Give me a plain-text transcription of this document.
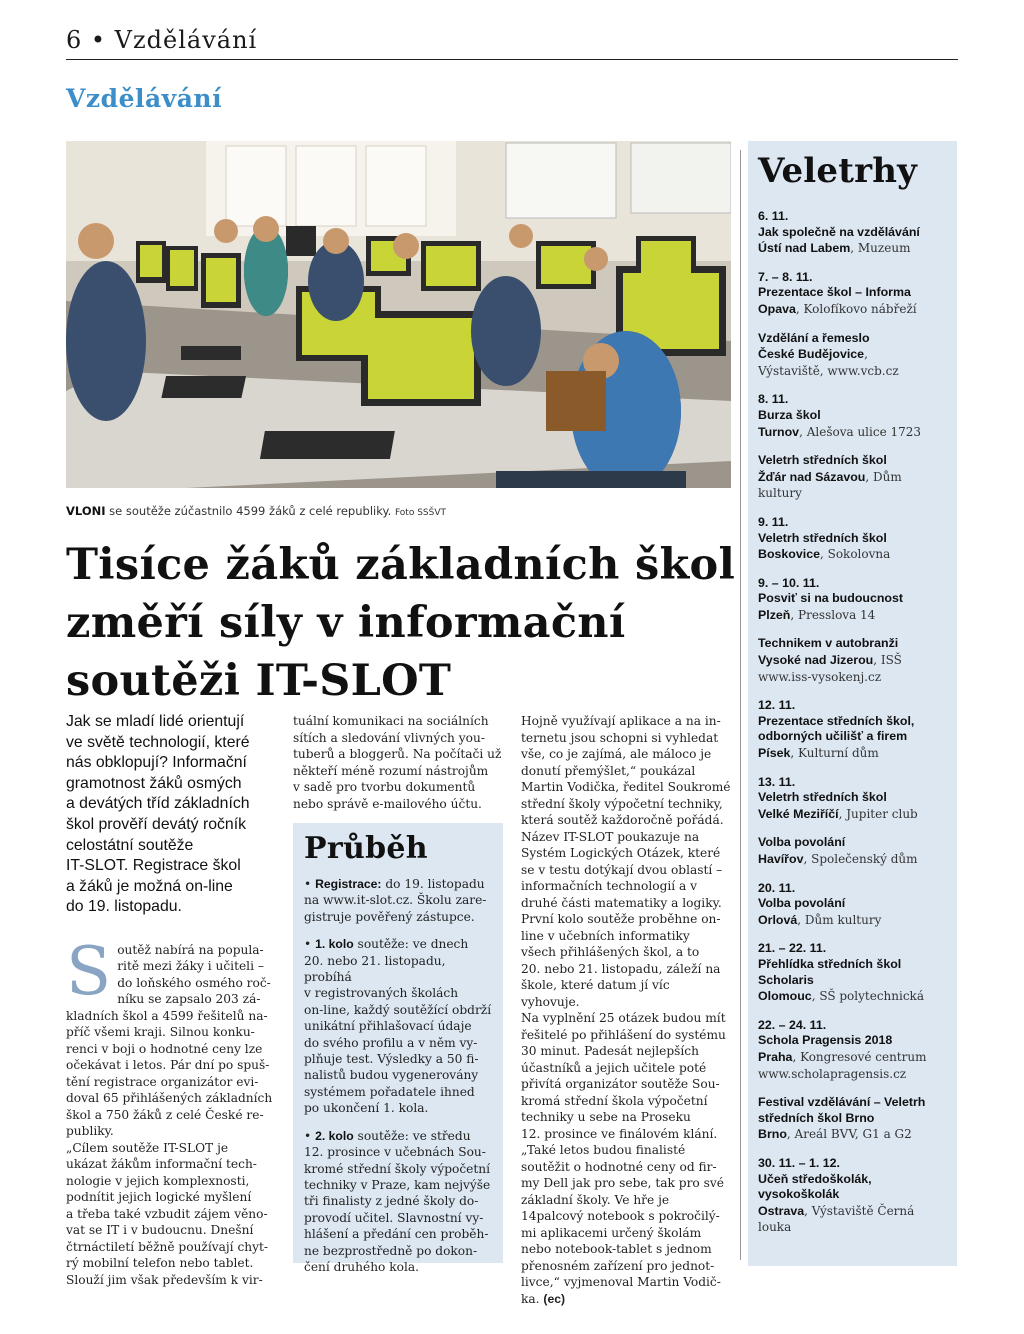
6 • Vzdělávání
Vzdělávání
VLONI se soutěže zúčastnilo 4599 žáků z celé republiky. Foto SSŠVT
Tisíce žáků základních škol změří síly v informační soutěži IT-SLOT
Jak se mladí lidé orientují
ve světě technologií, které
nás obklopují? Informační
gramotnost žáků osmých
a devátých tříd základních
škol prověří devátý ročník
celostátní soutěže
IT-SLOT. Registrace škol
a žáků je možná on-line
do 19. listopadu.
S outěž nabírá na popula-
ritě mezi žáky i učiteli –
do loňského osmého roč-
níku se zapsalo 203 zá-
kladních škol a 4599 řešitelů na-
příč všemi kraji. Silnou konku-
renci v boji o hodnotné ceny lze
očekávat i letos. Pár dní po spuš-
tění registrace organizátor evi-
doval 65 přihlášených základních
škol a 750 žáků z celé České re-
publiky.
„Cílem soutěže IT-SLOT je
ukázat žákům informační tech-
nologie v jejich komplexnosti,
podnítit jejich logické myšlení
a třeba také vzbudit zájem věno-
vat se IT i v budoucnu. Dnešní
čtrnáctiletí běžně používají chyt-
rý mobilní telefon nebo tablet.
Slouží jim však především k vir-

tuální komunikaci na sociálních
sítích a sledování vlivných you-
tuberů a bloggerů. Na počítači už
někteří méně rozumí nástrojům
v sadě pro tvorbu dokumentů
nebo správě e-mailového účtu.

Průběh
• Registrace: do 19. listopadu
na www.it-slot.cz. Školu zare-
gistruje pověřený zástupce.
• 1. kolo soutěže: ve dnech
20. nebo 21. listopadu, probíhá
v registrovaných školách
on-line, každý soutěžící obdrží
unikátní přihlašovací údaje
do svého profilu a v něm vy-
plňuje test. Výsledky a 50 fi-
nalistů budou vygenerovány
systémem pořadatele ihned
po ukončení 1. kola.
• 2. kolo soutěže: ve středu
12. prosince v učebnách Sou-
kromé střední školy výpočetní
techniky v Praze, kam nejvýše
tři finalisty z jedné školy do-
provodí učitel. Slavnostní vy-
hlášení a předání cen proběh-
ne bezprostředně po dokon-
čení druhého kola.

Hojně využívají aplikace a na in-
ternetu jsou schopni si vyhledat
vše, co je zajímá, ale máloco je
donutí přemýšlet,“ poukázal
Martin Vodička, ředitel Soukromé
střední školy výpočetní techniky,
která soutěž každoročně pořádá.
Název IT-SLOT poukazuje na
Systém Logických Otázek, které
se v testu dotýkají dvou oblastí –
informačních technologií a v
druhé části matematiky a logiky.
První kolo soutěže proběhne on-
line v učebních informatiky
všech přihlášených škol, a to
20. nebo 21. listopadu, záleží na
škole, které datum jí víc vyhovuje.
Na vyplnění 25 otázek budou mít
řešitelé po přihlášení do systému
30 minut. Padesát nejlepších
účastníků a jejich učitele poté
přivítá organizátor soutěže Sou-
kromá střední škola výpočetní
techniky u sebe na Proseku
12. prosince ve finálovém klání.
„Také letos budou finalisté
soutěžit o hodnotné ceny od fir-
my Dell jak pro sebe, tak pro své
základní školy. Ve hře je
14palcový notebook s pokročilý-
mi aplikacemi určený školám
nebo notebook-tablet s jednom
přenosném zařízení pro jednot-
livce,“ vyjmenoval Martin Vodič-
ka. (ec)

Veletrhy
6. 11.
Jak společně na vzdělávání
Ústí nad Labem, Muzeum
7. – 8. 11.
Prezentace škol – Informa
Opava, Kolofíkovo nábřeží
Vzdělání a řemeslo
České Budějovice,
Výstaviště, www.vcb.cz
8. 11.
Burza škol
Turnov, Alešova ulice 1723
Veletrh středních škol
Žďár nad Sázavou, Dům
kultury
9. 11.
Veletrh středních škol
Boskovice, Sokolovna
9. – 10. 11.
Posviť si na budoucnost
Plzeň, Presslova 14
Technikem v autobranži
Vysoké nad Jizerou, ISŠ
www.iss-vysokenj.cz
12. 11.
Prezentace středních škol, odborných učilišť a firem
Písek, Kulturní dům
13. 11.
Veletrh středních škol
Velké Meziříčí, Jupiter club
Volba povolání
Havířov, Společenský dům
20. 11.
Volba povolání
Orlová, Dům kultury
21. – 22. 11.
Přehlídka středních škol Scholaris
Olomouc, SŠ polytechnická
22. – 24. 11.
Schola Pragensis 2018
Praha, Kongresové centrum
www.scholapragensis.cz
Festival vzdělávání – Veletrh středních škol Brno
Brno, Areál BVV, G1 a G2
30. 11. – 1. 12.
Učeň středoškolák, vysokoškolák
Ostrava, Výstaviště Černá
louka
